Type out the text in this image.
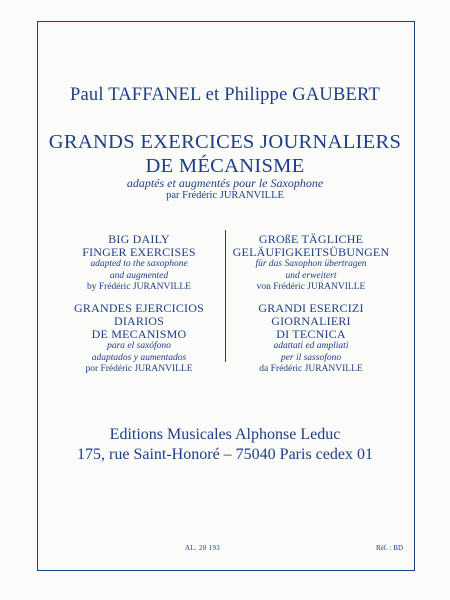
Paul TAFFANEL et Philippe GAUBERT
GRANDS EXERCICES JOURNALIERS
DE MÉCANISME
adaptés et augmentés pour le Saxophone
par Frédéric JURANVILLE
BIG DAILY
FINGER EXERCISES
adapted to the saxophone
and augmented
by Frédéric JURANVILLE
GROßE TÄGLICHE
GELÄUFIGKEITSÜBUNGEN
für das Saxophon übertragen
und erweitert
von Frédéric JURANVILLE
GRANDES EJERCICIOS DIARIOS
DE MECANISMO
para el saxófono
adaptados y aumentados
por Frédéric JURANVILLE
GRANDI ESERCIZI GIORNALIERI
DI TECNICA
adattati ed ampliati
per il sassofono
da Frédéric JURANVILLE
Editions Musicales Alphonse Leduc
175, rue Saint-Honoré – 75040 Paris cedex 01
AL. 28 193	Réf. : BD
